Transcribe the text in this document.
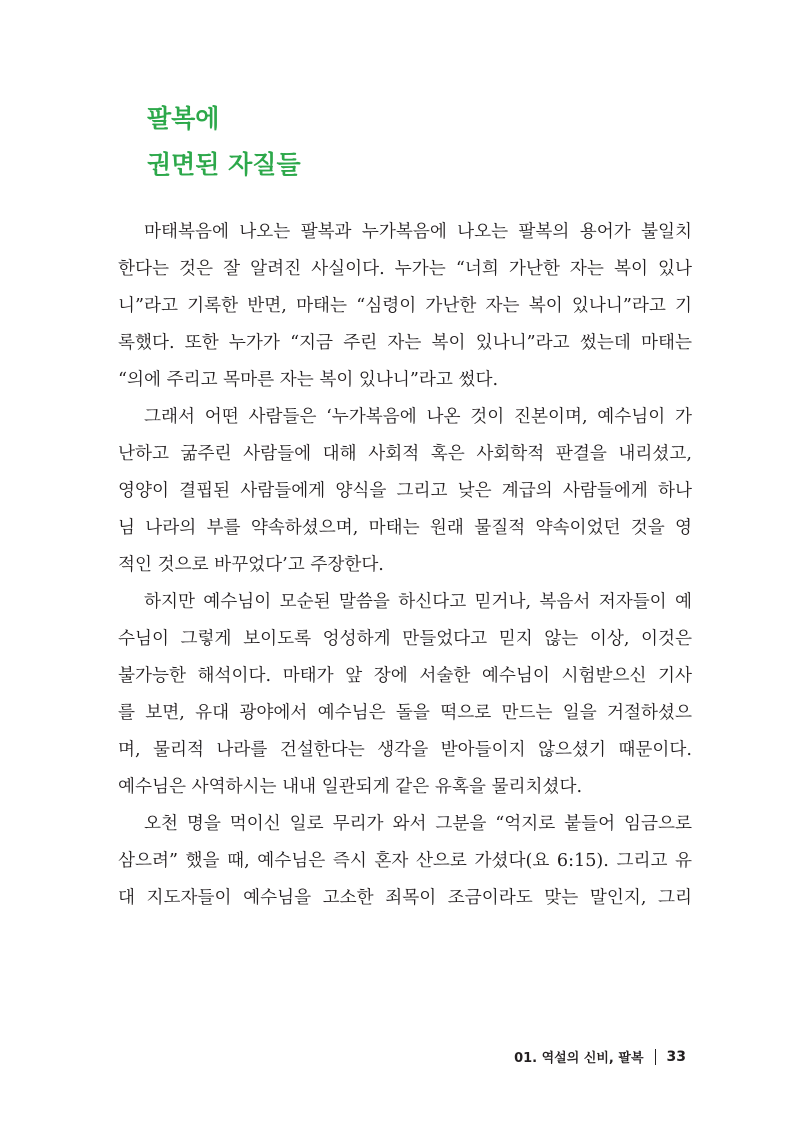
팔복에
권면된 자질들
마태복음에 나오는 팔복과 누가복음에 나오는 팔복의 용어가 불일치
한다는 것은 잘 알려진 사실이다. 누가는 “너희 가난한 자는 복이 있나
니”라고 기록한 반면, 마태는 “심령이 가난한 자는 복이 있나니”라고 기
록했다. 또한 누가가 “지금 주린 자는 복이 있나니”라고 썼는데 마태는
“의에 주리고 목마른 자는 복이 있나니”라고 썼다.
그래서 어떤 사람들은 ‘누가복음에 나온 것이 진본이며, 예수님이 가
난하고 굶주린 사람들에 대해 사회적 혹은 사회학적 판결을 내리셨고,
영양이 결핍된 사람들에게 양식을 그리고 낮은 계급의 사람들에게 하나
님 나라의 부를 약속하셨으며, 마태는 원래 물질적 약속이었던 것을 영
적인 것으로 바꾸었다’고 주장한다.
하지만 예수님이 모순된 말씀을 하신다고 믿거나, 복음서 저자들이 예
수님이 그렇게 보이도록 엉성하게 만들었다고 믿지 않는 이상, 이것은
불가능한 해석이다. 마태가 앞 장에 서술한 예수님이 시험받으신 기사
를 보면, 유대 광야에서 예수님은 돌을 떡으로 만드는 일을 거절하셨으
며, 물리적 나라를 건설한다는 생각을 받아들이지 않으셨기 때문이다.
예수님은 사역하시는 내내 일관되게 같은 유혹을 물리치셨다.
오천 명을 먹이신 일로 무리가 와서 그분을 “억지로 붙들어 임금으로
삼으려” 했을 때, 예수님은 즉시 혼자 산으로 가셨다(요 6:15). 그리고 유
대 지도자들이 예수님을 고소한 죄목이 조금이라도 맞는 말인지, 그리
01. 역설의 신비, 팔복 33
